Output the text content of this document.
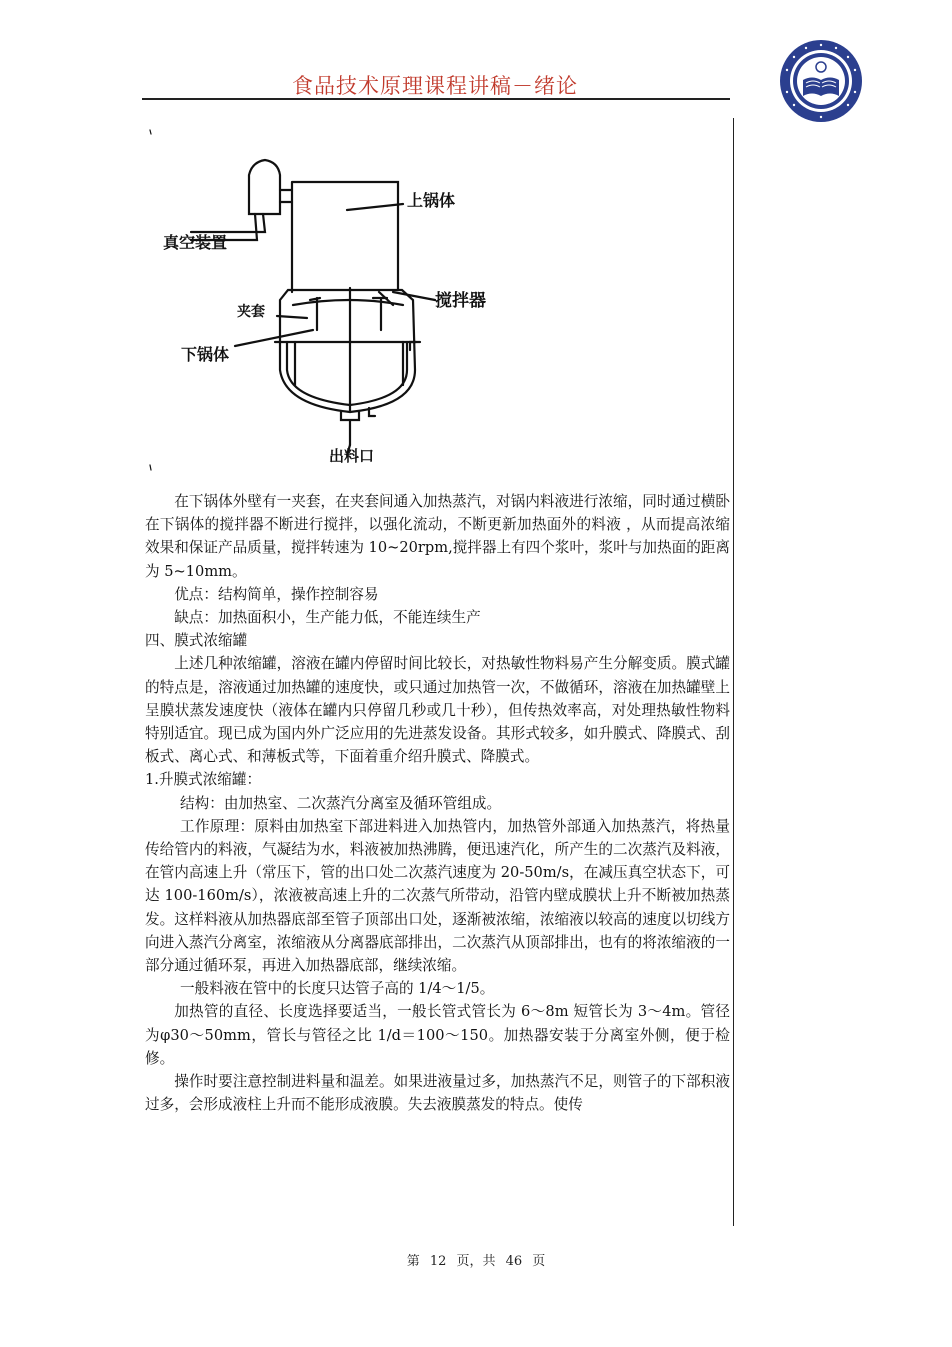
食品技术原理课程讲稿－绪论
上锅体
真空装置
夹套
搅拌器
下锅体
出料口

在下锅体外壁有一夹套，在夹套间通入加热蒸汽，对锅内料液进行浓缩，同时通过横卧在下锅体的搅拌器不断进行搅拌，以强化流动，不断更新加热面外的料液 ，从而提高浓缩效果和保证产品质量，搅拌转速为 10~20rpm,搅拌器上有四个浆叶，浆叶与加热面的距离为 5~10mm。

优点：结构简单，操作控制容易

缺点：加热面积小，生产能力低，不能连续生产

四、膜式浓缩罐

上述几种浓缩罐，溶液在罐内停留时间比较长，对热敏性物料易产生分解变质。膜式罐的特点是，溶液通过加热罐的速度快，或只通过加热管一次，不做循环，溶液在加热罐壁上呈膜状蒸发速度快（液体在罐内只停留几秒或几十秒），但传热效率高，对处理热敏性物料特别适宜。现已成为国内外广泛应用的先进蒸发设备。其形式较多，如升膜式、降膜式、刮板式、离心式、和薄板式等，下面着重介绍升膜式、降膜式。

1.升膜式浓缩罐：

结构：由加热室、二次蒸汽分离室及循环管组成。

工作原理：原料由加热室下部进料进入加热管内，加热管外部通入加热蒸汽，将热量传给管内的料液，气凝结为水，料液被加热沸腾，便迅速汽化，所产生的二次蒸汽及料液，在管内高速上升（常压下，管的出口处二次蒸汽速度为 20-50m/s，在减压真空状态下，可达 100-160m/s），浓液被高速上升的二次蒸气所带动，沿管内壁成膜状上升不断被加热蒸发。这样料液从加热器底部至管子顶部出口处，逐渐被浓缩，浓缩液以较高的速度以切线方向进入蒸汽分离室，浓缩液从分离器底部排出，二次蒸汽从顶部排出，也有的将浓缩液的一部分通过循环泵，再进入加热器底部，继续浓缩。

一般料液在管中的长度只达管子高的 1/4～1/5。

加热管的直径、长度选择要适当，一般长管式管长为 6～8m 短管长为 3～4m。管径为φ30～50mm，管长与管径之比 1/d＝100～150。加热器安装于分离室外侧，便于检修。

操作时要注意控制进料量和温差。如果进液量过多，加热蒸汽不足，则管子的下部积液过多，会形成液柱上升而不能形成液膜。失去液膜蒸发的特点。使传

第 12 页，共 46 页
